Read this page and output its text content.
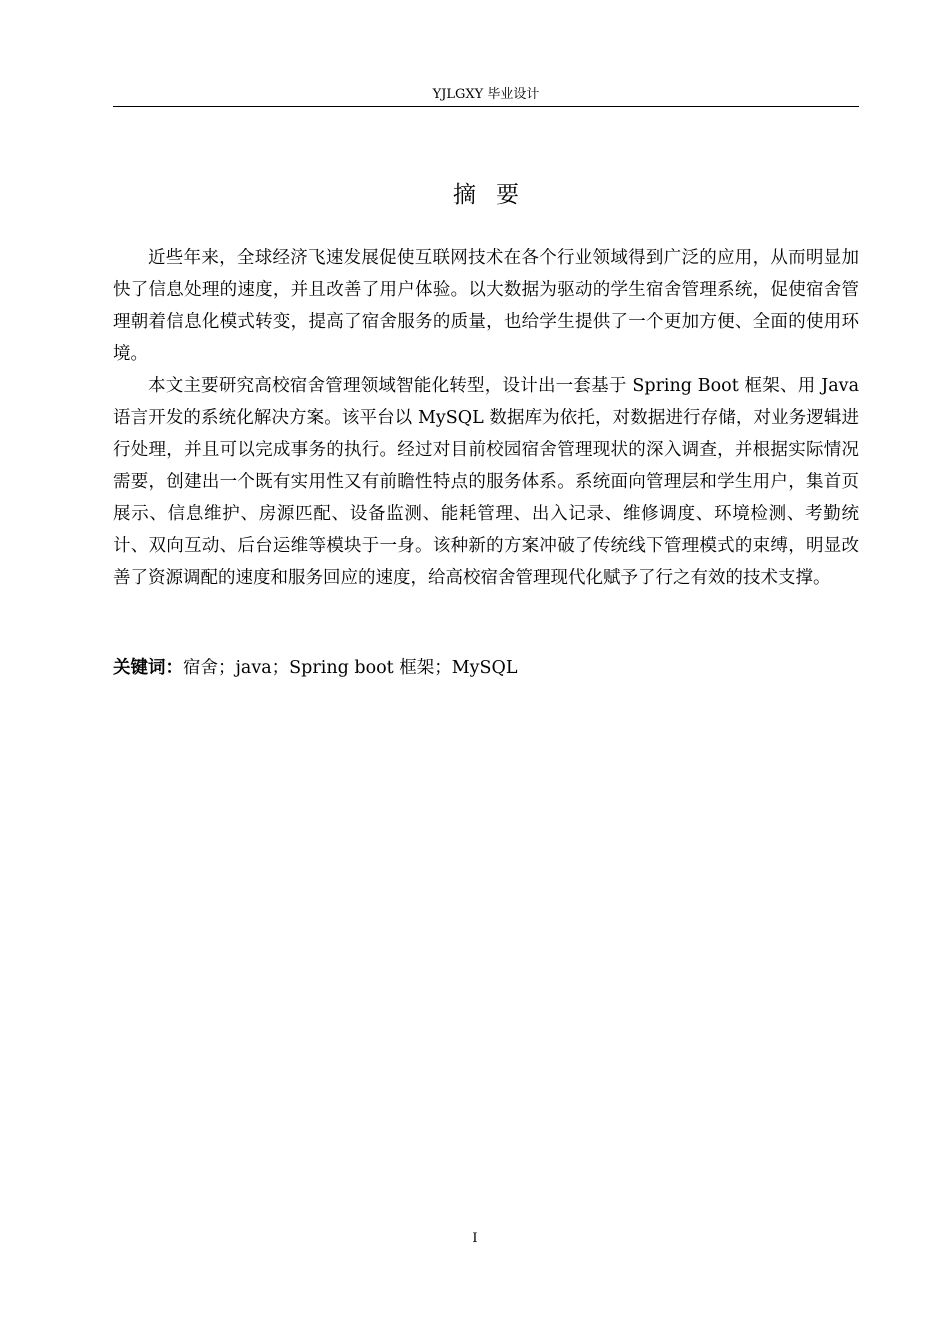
YJLGXY 毕业设计
摘要

近些年来，全球经济飞速发展促使互联网技术在各个行业领域得到广泛的应用，从而明显加快了信息处理的速度，并且改善了用户体验。以大数据为驱动的学生宿舍管理系统，促使宿舍管理朝着信息化模式转变，提高了宿舍服务的质量，也给学生提供了一个更加方便、全面的使用环境。

本文主要研究高校宿舍管理领域智能化转型，设计出一套基于 Spring Boot 框架、用 Java 语言开发的系统化解决方案。该平台以 MySQL 数据库为依托，对数据进行存储，对业务逻辑进行处理，并且可以完成事务的执行。经过对目前校园宿舍管理现状的深入调查，并根据实际情况需要，创建出一个既有实用性又有前瞻性特点的服务体系。系统面向管理层和学生用户，集首页展示、信息维护、房源匹配、设备监测、能耗管理、出入记录、维修调度、环境检测、考勤统计、双向互动、后台运维等模块于一身。该种新的方案冲破了传统线下管理模式的束缚，明显改善了资源调配的速度和服务回应的速度，给高校宿舍管理现代化赋予了行之有效的技术支撑。

关键词：宿舍；java；Spring boot 框架；MySQL
I
